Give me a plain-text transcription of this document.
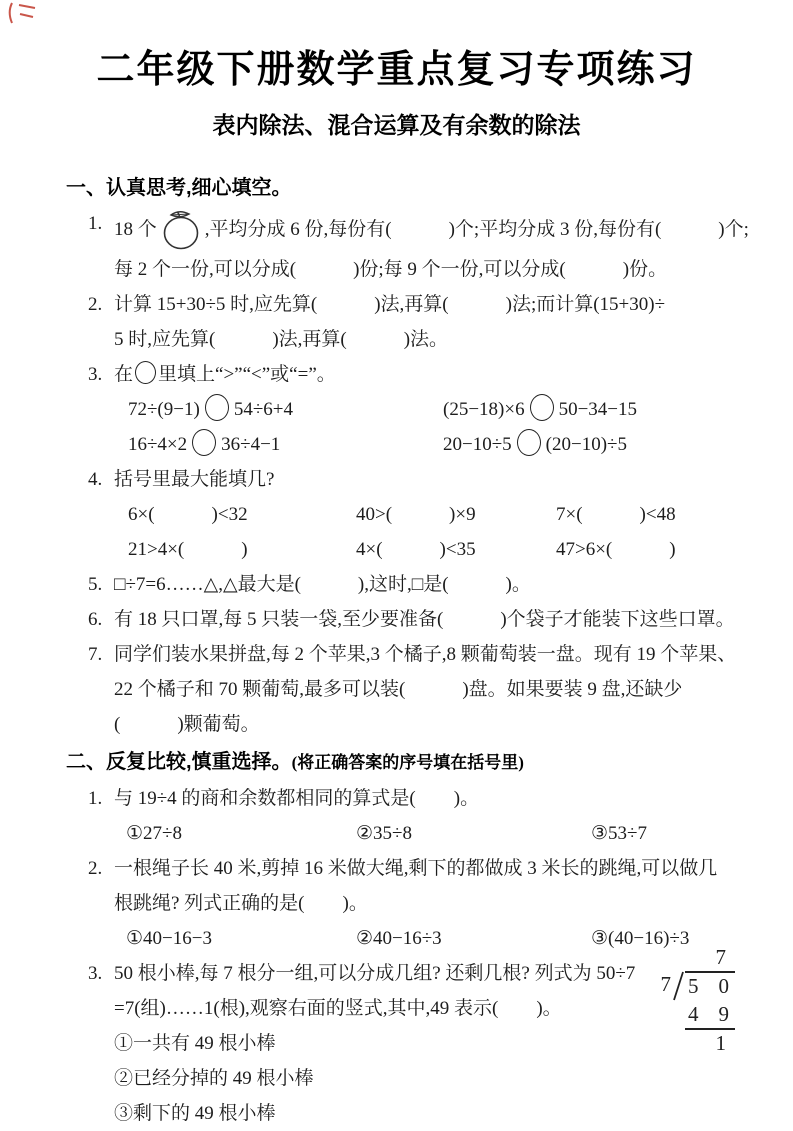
二年级下册数学重点复习专项练习
表内除法、混合运算及有余数的除法
一、认真思考,细心填空。
1. 18 个	,平均分成 6 份,每份有(　　　)个;平均分成 3 份,每份有(　　　)个;
每 2 个一份,可以分成(　　　)份;每 9 个一份,可以分成(　　　)份。
2. 计算 15+30÷5 时,应先算(　　　)法,再算(　　　)法;而计算(15+30)÷
5 时,应先算(　　　)法,再算(　　　)法。
3. 在 里填上“>”“<”或“=”。
72÷(9−1) 54÷6+4	(25−18)×6 50−34−15
16÷4×2 36÷4−1	20−10÷5 (20−10)÷5
4. 括号里最大能填几?
6×(　　　)<32	40>(　　　)×9	7×(　　　)<48
21>4×(　　　)	4×(　　　)<35	47>6×(　　　)
5. □÷7=6……△,△最大是(　　　),这时,□是(　　　)。
6. 有 18 只口罩,每 5 只装一袋,至少要准备(　　　)个袋子才能装下这些口罩。
7. 同学们装水果拼盘,每 2 个苹果,3 个橘子,8 颗葡萄装一盘。现有 19 个苹果、
22 个橘子和 70 颗葡萄,最多可以装(　　　)盘。如果要装 9 盘,还缺少
(　　　)颗葡萄。
二、反复比较,慎重选择。(将正确答案的序号填在括号里)
1. 与 19÷4 的商和余数都相同的算式是(　　)。
①27÷8	②35÷8	③53÷7
2. 一根绳子长 40 米,剪掉 16 米做大绳,剩下的都做成 3 米长的跳绳,可以做几
根跳绳? 列式正确的是(　　)。
①40−16−3	②40−16÷3	③(40−16)÷3
3. 50 根小棒,每 7 根分一组,可以分成几组? 还剩几根? 列式为 50÷7
=7(组)……1(根),观察右面的竖式,其中,49 表示(　　)。
①一共有 49 根小棒
②已经分掉的 49 根小棒
③剩下的 49 根小棒
7
7 5 0
4 9
1
